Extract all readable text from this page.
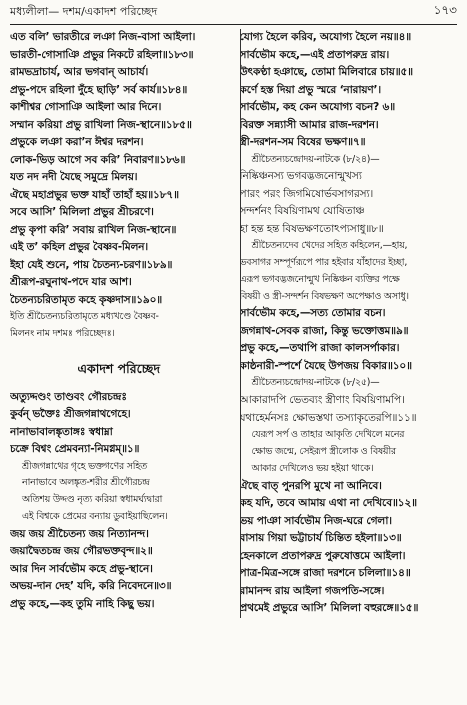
মধ্যলীলা— দশম/একাদশ পরিচ্ছেদ	১৭৩
এত বলি’ ভারতীরে লঞা নিজ-বাসা আইলা।
ভারতী-গোসাঞি প্রভুর নিকটে রহিলা॥১৮৩॥
রামভদ্রাচার্য, আর ভগবান্ আচার্য।
প্রভু-পদে রহিলা দুঁহে ছাড়ি’ সর্ব কার্য॥১৮৪॥
কাশীশ্বর গোসাঞি আইলা আর দিনে।
সম্মান করিয়া প্রভু রাখিলা নিজ-স্থানে॥১৮৫॥
প্রভুকে লঞা করা’ন ঈশ্বর দরশন।
লোক-ভিড় আগে সব করি’ নিবারণ॥১৮৬॥
যত নদ নদী যৈছে সমুদ্রে মিলয়।
ঐছে মহাপ্রভুর ভক্ত যাহাঁ তাহাঁ হয়॥১৮৭॥
সবে আসি’ মিলিলা প্রভুর শ্রীচরণে।
প্রভু কৃপা করি’ সবায় রাখিল নিজ-স্থানে॥
এই ত’ কহিল প্রভুর বৈষ্ণব-মিলন।
ইহা যেই শুনে, পায় চৈতন্য-চরণ॥১৮৯॥
শ্রীরূপ-রঘুনাথ-পদে যার আশ।
চৈতন্যচরিতামৃত কহে কৃষ্ণদাস॥১৯০॥
ইতি শ্রীচৈতন্যচরিতামৃতে মধ্যখণ্ডে বৈষ্ণব-
মিলনং নাম দশমঃ পরিচ্ছেদঃ।
একাদশ পরিচ্ছেদ
অত্যুদ্দণ্ডং তাণ্ডবং গৌরচন্দ্রঃ
কুর্বন্ ভক্তৈঃ শ্রীজগন্নাথগেহে।
নানাভাবালঙ্কৃতাঙ্গঃ স্বধাম্না
চক্রে বিশ্বং প্রেমবন্যা-নিমগ্নম্॥১॥
শ্রীজগন্নাথের গৃহে ভক্তগণের সহিত
নানাভাবে অলঙ্কৃত-শরীর শ্রীগৌরচন্দ্র
অতিশয় উদ্দণ্ড নৃত্য করিয়া স্বধামৰ্ঘ্যদ্বারা
এই বিশ্বকে প্রেমের বন্যায় ডুবাইয়াছিলেন।
জয় জয় শ্রীচৈতন্য জয় নিত্যানন্দ।
জয়াদ্বৈতচন্দ্র জয় গৌরভক্তবৃন্দ॥২॥
আর দিন সার্বভৌম কহে প্রভু-স্থানে।
অভয়-দান দেহ’ যদি, করি নিবেদনে॥৩॥
প্রভু কহে,—কহ তুমি নাহি কিছু ভয়।
যোগ্য হৈলে করিব, অযোগ্য হৈলে নয়॥৪॥
সার্বভৌম কহে,—এই প্রতাপরুদ্র রায়।
উৎকণ্ঠা হঞাছে, তোমা মিলিবারে চায়॥৫॥
কর্ণে হস্ত দিয়া প্রভু স্মরে ‘নারায়ণ’।
সার্বভৌম, কহ কেন অযোগ্য বচন? ৬॥
বিরক্ত সন্ন্যাসী আমার রাজ-দরশন।
স্ত্রী-দরশন-সম বিষের ভক্ষণ॥৭॥
শ্রীচৈতন্যচন্দ্রোদয়-নাটকে (৮/২৪)—
নিষ্কিঞ্চনস্য ভগবদ্ভজনোন্মুখস্য
পারং পরং জিগমিষোর্ভবসাগরস্য।
সন্দর্শনং বিষয়িণামথ যোষিতাঞ্চ
হা হন্ত হন্ত বিষভক্ষণতোঽপ্যসাধু॥৮॥
শ্রীচৈতন্যদেব খেদের সহিত কহিলেন,—হায়,
ভবসাগর সম্পূর্ণরূপে পার হইবার যাঁহাদের ইচ্ছা,
এরূপ ভগবদ্ভজনোন্মুখ নিষ্কিঞ্চন ব্যক্তির পক্ষে
বিষয়ী ও স্ত্রী-সন্দর্শন বিষভক্ষণ অপেক্ষাও অসাধু।
সার্বভৌম কহে,—সত্য তোমার বচন।
জগন্নাথ-সেবক রাজা, কিন্তু ভক্তোত্তম॥৯॥
প্রভু কহে,—তথাপি রাজা কালসর্পাকার।
কাষ্ঠনারী-স্পর্শে যৈছে উপজয় বিকার॥১০॥
শ্রীচৈতন্যচন্দ্রোদয়-নাটকে (৮/২৫)—
আকারাদপি ভেতব্যং স্ত্রীণাং বিষয়িণামপি।
যথাহের্মনসঃ ক্ষোভস্তথা তস্যাকৃতেরপি॥১১॥
যেরূপ সর্প ও তাহার আকৃতি দেখিলে মনের
ক্ষোভ জন্মে, সেইরূপ স্ত্রীলোক ও বিষয়ীর
আকার দেখিলেও ভয় হইয়া থাকে।
ঐছে বাত্ পুনরপি মুখে না আনিবে।
কহ যদি, তবে আমায় এথা না দেখিবে॥১২॥
ভয় পাঞা সার্বভৌম নিজ-ঘরে গেলা।
বাসায় গিয়া ভট্টাচার্য চিন্তিত হইলা॥১৩॥
হেনকালে প্রতাপরুদ্র পুরুষোত্তমে আইলা।
পাত্র-মিত্র-সঙ্গে রাজা দরশনে চলিলা॥১৪॥
রামানন্দ রায় আইলা গজপতি-সঙ্গে।
প্রথমেই প্রভুরে আসি’ মিলিলা বহুরঙ্গে॥১৫॥
